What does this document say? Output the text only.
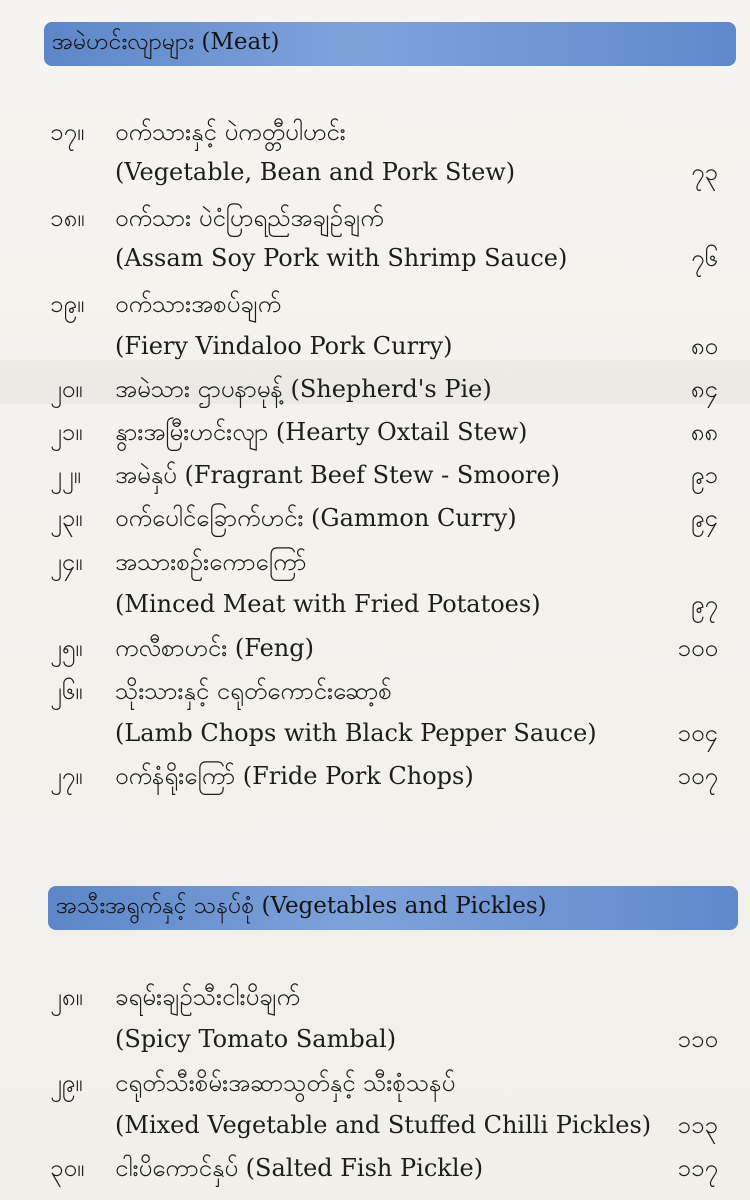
အမဲဟင်းလျာများ (Meat)
၁၇။	ဝက်သားနှင့် ပဲကတ္တီပါဟင်း
(Vegetable, Bean and Pork Stew)	၇၃
၁၈။	ဝက်သား ပဲငံပြာရည်အချဉ်ချက်
(Assam Soy Pork with Shrimp Sauce)	၇၆
၁၉။	ဝက်သားအစပ်ချက်
(Fiery Vindaloo Pork Curry)	၈၀
၂၀။	အမဲသား ဌာပနာမုန့် (Shepherd's Pie)	၈၄
၂၁။	နွားအမြီးဟင်းလျာ (Hearty Oxtail Stew)	၈၈
၂၂။	အမဲနှပ် (Fragrant Beef Stew - Smoore)	၉၁
၂၃။	ဝက်ပေါင်ခြောက်ဟင်း (Gammon Curry)	၉၄
၂၄။	အသားစဉ်းကောကြော်
(Minced Meat with Fried Potatoes)	၉၇
၂၅။	ကလီစာဟင်း (Feng)	၁၀၀
၂၆။	သိုးသားနှင့် ငရုတ်ကောင်းဆော့စ်
(Lamb Chops with Black Pepper Sauce)	၁၀၄
၂၇။	ဝက်နံရိုးကြော် (Fride Pork Chops)	၁၀၇
အသီးအရွက်နှင့် သနပ်စုံ (Vegetables and Pickles)
၂၈။	ခရမ်းချဉ်သီးငါးပိချက်
(Spicy Tomato Sambal)	၁၁၀
၂၉။	ငရုတ်သီးစိမ်းအဆာသွတ်နှင့် သီးစုံသနပ်
(Mixed Vegetable and Stuffed Chilli Pickles)	၁၁၃
၃၀။	ငါးပိကောင်နှပ် (Salted Fish Pickle)	၁၁၇
